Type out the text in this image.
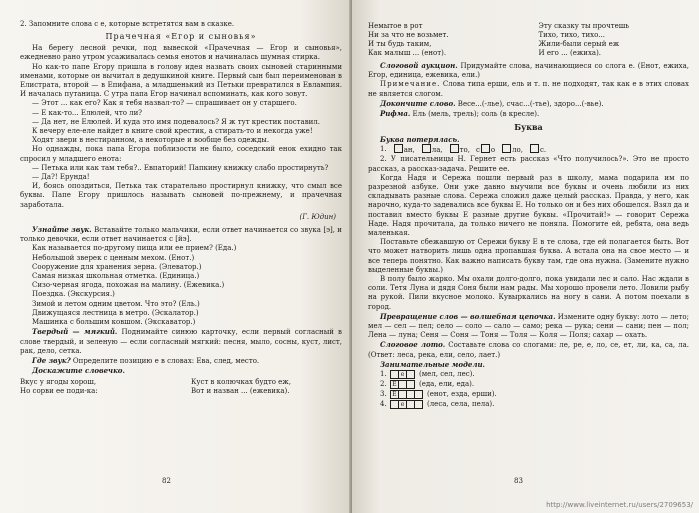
2. Запомните слова с е, которые встретятся вам в сказке.

Прачечная «Егор и сыновья»

На берегу лесной речки, под вывеской «Прачечная — Егор и сыновья», ежедневно рано утром усаживалась семья енотов и начиналась шумная стирка.

Но как-то папе Егору пришла в голову идея назвать своих сыновей старинными именами, которые он вычитал в дедушкиной книге. Первый сын был переименован в Елистрата, второй — в Епифана, а младшенький из Петьки превратился в Евлампия. И началась путаница. С утра папа Егор начинал вспоминать, как кого зовут.

— Этот ... как его? Как я тебя назвал-то? — спрашивает он у старшего.

— Е как-то... Елюлей, что ли?

— Да нет, не Елюлей. И куда это имя подевалось? Я ж тут крестик поставил.

К вечеру еле-еле найдет в книге свой крестик, а стирать-то и некогда уже!

Ходят звери в нестиранном, а некоторые и вообще без одежды.

Но однажды, пока папа Егора поблизости не было, соседский енок ехидно так спросил у младшего енота:

— Петька или как там тебя?.. Евпаторий! Папкину книжку слабо простирнуть?

— Да?! Ерунда!

И, боясь опоздиться, Петька так старательно простирнул книжку, что смыл все буквы. Папе Егору пришлось называть сыновей по-прежнему, и прачечная заработала.

(Г. Юдин)

Узнайте звук. Вставайте только мальчики, если ответ начинается со звука [э], и только девочки, если ответ начинается с [йэ].

Как называется по-другому пища или ее прием? (Еда.)

Небольшой зверек с ценным мехом. (Енот.)

Сооружение для хранения зерна. (Элеватор.)

Самая низкая школьная отметка. (Единица.)

Сизо-черная ягода, похожая на малину. (Ежевика.)

Поездка. (Экскурсия.)

Зимой и летом одним цветом. Что это? (Ель.)

Движущаяся лестница в метро. (Эскалатор.)

Машинка с большим ковшом. (Экскаватор.)

Твердый — мягкий. Поднимайте синюю карточку, если первый согласный в слове твердый, и зеленую — если согласный мягкий: песня, мыло, сосны, куст, лист, рак, дело, сетка.

Где звук? Определите позицию е в словах: Ева, след, место.

Доскажите словечко.

Вкус у ягоды хорош,
Но сорви ее поди-ка:
Куст в колючках будто еж,
Вот и назван ... (ежевика).
82
Немытое в рот
Ни за что не возьмет.
И ты будь таким,
Как малыш ... (енот).
Эту сказку ты прочтешь
Тихо, тихо, тихо...
Жили-были серый еж
И его ... (ежиха).

Слоговой аукцион. Придумайте слова, начинающиеся со слога е. (Енот, ежиха, Егор, единица, ежевика, ели.)

Примечание. Слова типа ерши, ель и т. п. не подходят, так как е в этих словах не является слогом.

Докончите слово. Весе...(-лье), счас...(-тье), здоро...(-вье).

Рифма. Ель (мель, трель); соль (в кресле).

Буква

Буква потерялась.

1.	ан,	ла,	то, с о	ло,	с.

2. У писательницы Н. Гернет есть рассказ «Что получилось?». Это не просто рассказ, а рассказ-задача. Решите ее.

Когда Надя и Сережа пошли первый раз в школу, мама подарила им по разрезной азбуке. Они уже давно выучили все буквы и очень любили из них складывать разные слова. Сережа сложил даже целый рассказ. Правда, у него, как нарочно, куда-то задевались все буквы Е. Но только он и без них обошелся. Взял да и поставил вместо буквы Е разные другие буквы. «Прочитай!» — говорит Сережа Наде. Надя прочитала, да только ничего не поняла. Помогите ей, ребята, она ведь маленькая.

Поставьте сбежавшую от Сережи букву Е в те слова, где ей полагается быть. Вот что может натворить лишь одна пропавшая буква. А встала она на свое место — и все теперь понятно. Как важно написать букву там, где она нужна. (Замените нужно выделенные буквы.)

В полу было жарко. Мы охали долго-долго, пока увидали лес и сало. Нас ждали в соли. Тетя Луна и дядя Соня были нам рады. Мы хорошо провели лето. Ловили рыбу на рукой. Пили вкусное молоко. Кувыркались на ногу в сани. А потом поехали в город.

Превращение слов — волшебная цепочка. Измените одну букву: лото — лето; мел — сел — пел; село — соло — сало — само; река — рука; сени — сани; пен — пол; Лена — луна; Сеня — Соня — Тоня — Толя — Коля — Поля; сахар — охать.

Слоговое лото. Составьте слова со слогами: ле, ре, е, ло, се, ет, ли, ка, са, ла. (Ответ: леса, река, ели, село, лает.)

Занимательные модели.

1.	е (мел, сел, лес).
2. Е	(еда, ели, еда).
3. Е	(енот, езда, ерши).
4.	е	(леса, села, пела).
83
http://www.liveinternet.ru/users/2709653/
